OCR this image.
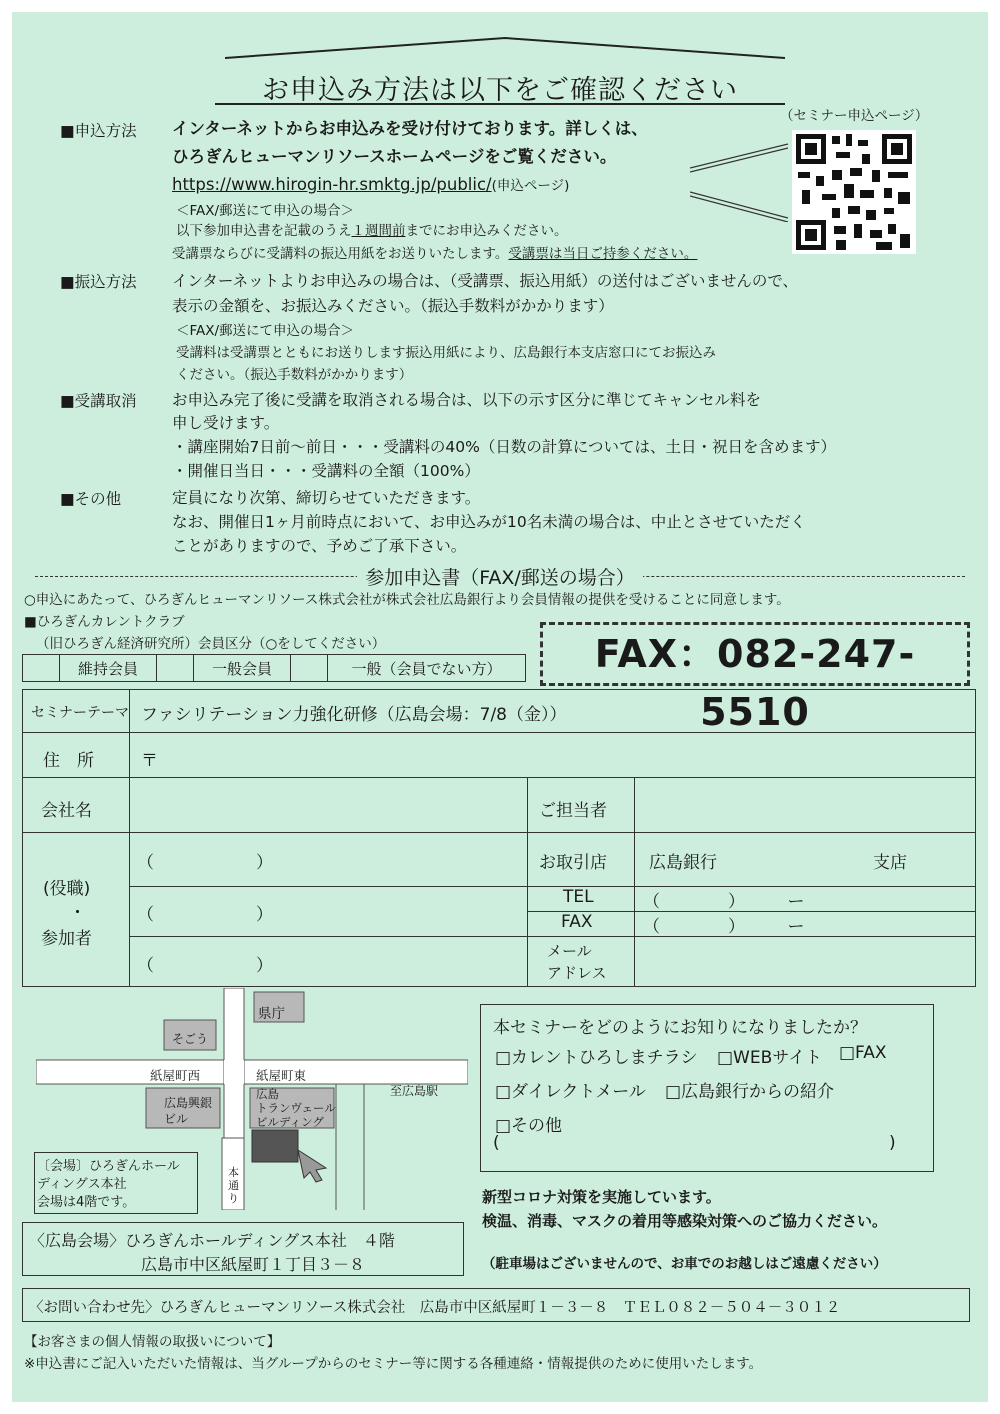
お申込み方法は以下をご確認ください
（セミナー申込ページ）
■申込方法 インターネットからお申込みを受け付けております。詳しくは、
ひろぎんヒューマンリソースホームページをご覧ください。
https://www.hirogin-hr.smktg.jp/public/(申込ページ)
＜FAX/郵送にて申込の場合＞
以下参加申込書を記載のうえ１週間前までにお申込みください。
受講票ならびに受講料の振込用紙をお送りいたします。受講票は当日ご持参ください。
■振込方法 インターネットよりお申込みの場合は、（受講票、振込用紙）の送付はございませんので、
表示の金額を、お振込みください。（振込手数料がかかります）
＜FAX/郵送にて申込の場合＞
受講料は受講票とともにお送りします振込用紙により、広島銀行本支店窓口にてお振込み
ください。（振込手数料がかかります）
■受講取消 お申込み完了後に受講を取消される場合は、以下の示す区分に準じてキャンセル料を
申し受けます。
・講座開始7日前～前日・・・受講料の40%（日数の計算については、土日・祝日を含めます）
・開催日当日・・・受講料の全額（100%）
■その他	定員になり次第、締切らせていただきます。
なお、開催日1ヶ月前時点において、お申込みが10名未満の場合は、中止とさせていただく
ことがありますので、予めご了承下さい。
参加申込書（FAX/郵送の場合）
○申込にあたって、ひろぎんヒューマンリソース株式会社が株式会社広島銀行より会員情報の提供を受けることに同意します。
■ひろぎんカレントクラブ
（旧ひろぎん経済研究所）会員区分（○をしてください）
	維持会員		一般会員		一般（会員でない方）	FAX：082-247-5510
セミナーテーマ ファシリテーション力強化研修（広島会場：7/8（金））
住　所	〒
会社名	ご担当者
(役職)
・
参加者
（　　　　　　）
（　　　　　　）
（　　　　　　）
お取引店 広島銀行	支店
TEL	（　　　　）　　　ー
FAX	（　　　　）　　　ー
メール
アドレス
県庁
そごう
紙屋町西	紙屋町東
至広島駅
広島興銀
ビル
広島
トランヴェール
ビルディング
本通り
〔会場〕ひろぎんホール
ディングス本社
会場は4階です。
〈広島会場〉ひろぎんホールディングス本社　４階
広島市中区紙屋町１丁目３－８
本セミナーをどのようにお知りになりましたか？
□カレントひろしまチラシ □WEBサイト □FAX
□ダイレクトメール □広島銀行からの紹介
□その他
(	)
新型コロナ対策を実施しています。
検温、消毒、マスクの着用等感染対策へのご協力ください。
（駐車場はございませんので、お車でのお越しはご遠慮ください）
〈お問い合わせ先〉ひろぎんヒューマンリソース株式会社　広島市中区紙屋町１－３－８　ＴＥＬ０８２－５０４－３０１２
【お客さまの個人情報の取扱いについて】
※申込書にご記入いただいた情報は、当グループからのセミナー等に関する各種連絡・情報提供のために使用いたします。
